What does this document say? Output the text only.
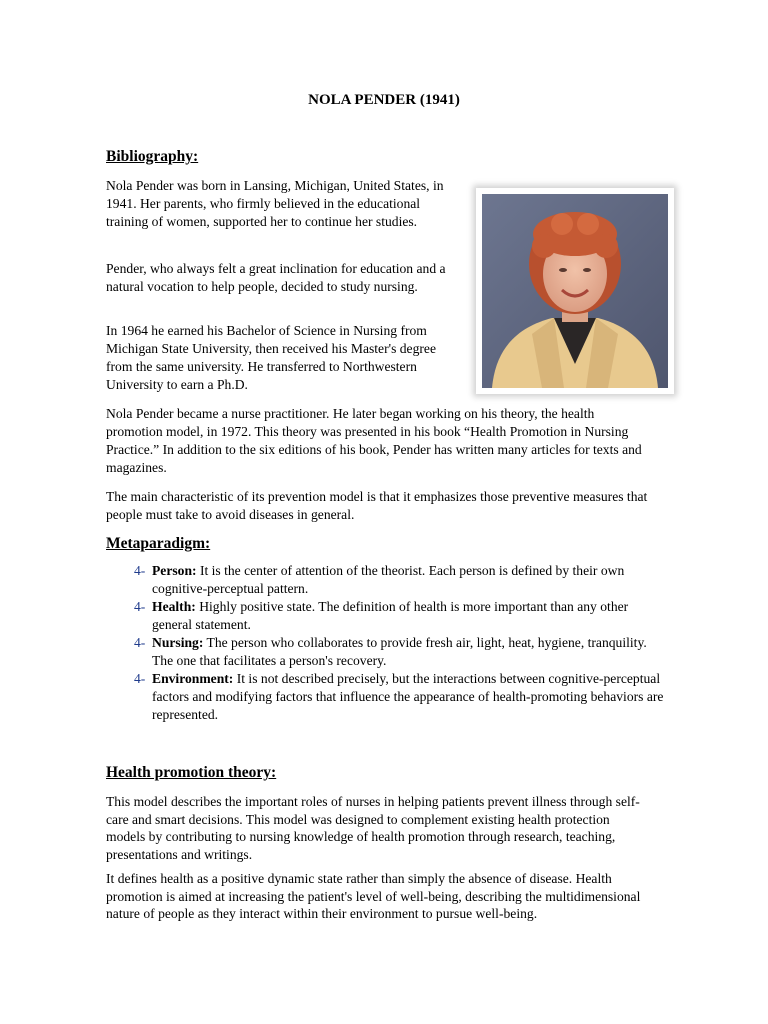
NOLA PENDER (1941)
Bibliography:

Nola Pender was born in Lansing, Michigan, United States, in 1941. Her parents, who firmly believed in the educational training of women, supported her to continue her studies.

Pender, who always felt a great inclination for education and a natural vocation to help people, decided to study nursing.

In 1964 he earned his Bachelor of Science in Nursing from Michigan State University, then received his Master's degree from the same university. He transferred to Northwestern University to earn a Ph.D.

Nola Pender became a nurse practitioner. He later began working on his theory, the health promotion model, in 1972. This theory was presented in his book “Health Promotion in Nursing Practice.” In addition to the six editions of his book, Pender has written many articles for texts and magazines.

The main characteristic of its prevention model is that it emphasizes those preventive measures that people must take to avoid diseases in general.

Metaparadigm:
4- Person: It is the center of attention of the theorist. Each person is defined by their own cognitive-perceptual pattern.
4- Health: Highly positive state. The definition of health is more important than any other general statement.
4- Nursing: The person who collaborates to provide fresh air, light, heat, hygiene, tranquility. The one that facilitates a person's recovery.
4- Environment: It is not described precisely, but the interactions between cognitive-perceptual factors and modifying factors that influence the appearance of health-promoting behaviors are represented.
Health promotion theory:

This model describes the important roles of nurses in helping patients prevent illness through self-care and smart decisions. This model was designed to complement existing health protection models by contributing to nursing knowledge of health promotion through research, teaching, presentations and writings.

It defines health as a positive dynamic state rather than simply the absence of disease. Health promotion is aimed at increasing the patient's level of well-being, describing the multidimensional nature of people as they interact within their environment to pursue well-being.
